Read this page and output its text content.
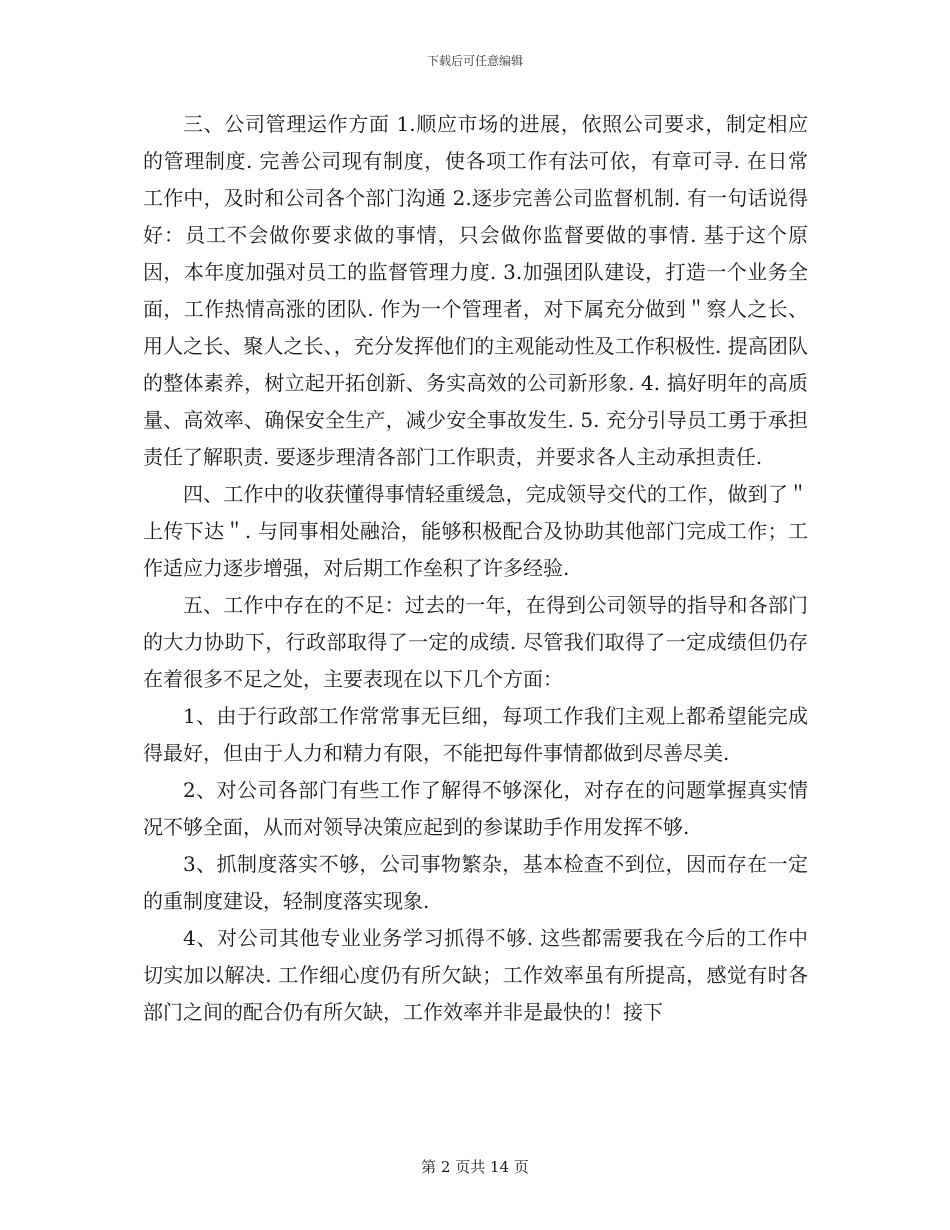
下载后可任意编辑

三、公司管理运作方面 1.顺应市场的进展，依照公司要求，制定相应的管理制度. 完善公司现有制度，使各项工作有法可依，有章可寻. 在日常工作中，及时和公司各个部门沟通 2.逐步完善公司监督机制. 有一句话说得好：员工不会做你要求做的事情，只会做你监督要做的事情. 基于这个原因，本年度加强对员工的监督管理力度. 3.加强团队建设，打造一个业务全面，工作热情高涨的团队. 作为一个管理者，对下属充分做到＂察人之长、用人之长、聚人之长、，充分发挥他们的主观能动性及工作积极性. 提高团队的整体素养，树立起开拓创新、务实高效的公司新形象. 4. 搞好明年的高质量、高效率、确保安全生产，减少安全事故发生. 5. 充分引导员工勇于承担责任了解职责. 要逐步理清各部门工作职责，并要求各人主动承担责任.

四、工作中的收获懂得事情轻重缓急，完成领导交代的工作，做到了＂上传下达＂. 与同事相处融洽，能够积极配合及协助其他部门完成工作；工作适应力逐步增强，对后期工作垒积了许多经验.

五、工作中存在的不足：过去的一年，在得到公司领导的指导和各部门的大力协助下，行政部取得了一定的成绩. 尽管我们取得了一定成绩但仍存在着很多不足之处，主要表现在以下几个方面：

1、由于行政部工作常常事无巨细，每项工作我们主观上都希望能完成得最好，但由于人力和精力有限，不能把每件事情都做到尽善尽美.

2、对公司各部门有些工作了解得不够深化，对存在的问题掌握真实情况不够全面，从而对领导决策应起到的参谋助手作用发挥不够.

3、抓制度落实不够，公司事物繁杂，基本检查不到位，因而存在一定的重制度建设，轻制度落实现象.

4、对公司其他专业业务学习抓得不够. 这些都需要我在今后的工作中切实加以解决. 工作细心度仍有所欠缺；工作效率虽有所提高，感觉有时各部门之间的配合仍有所欠缺，工作效率并非是最快的！接下

第 2 页共 14 页
